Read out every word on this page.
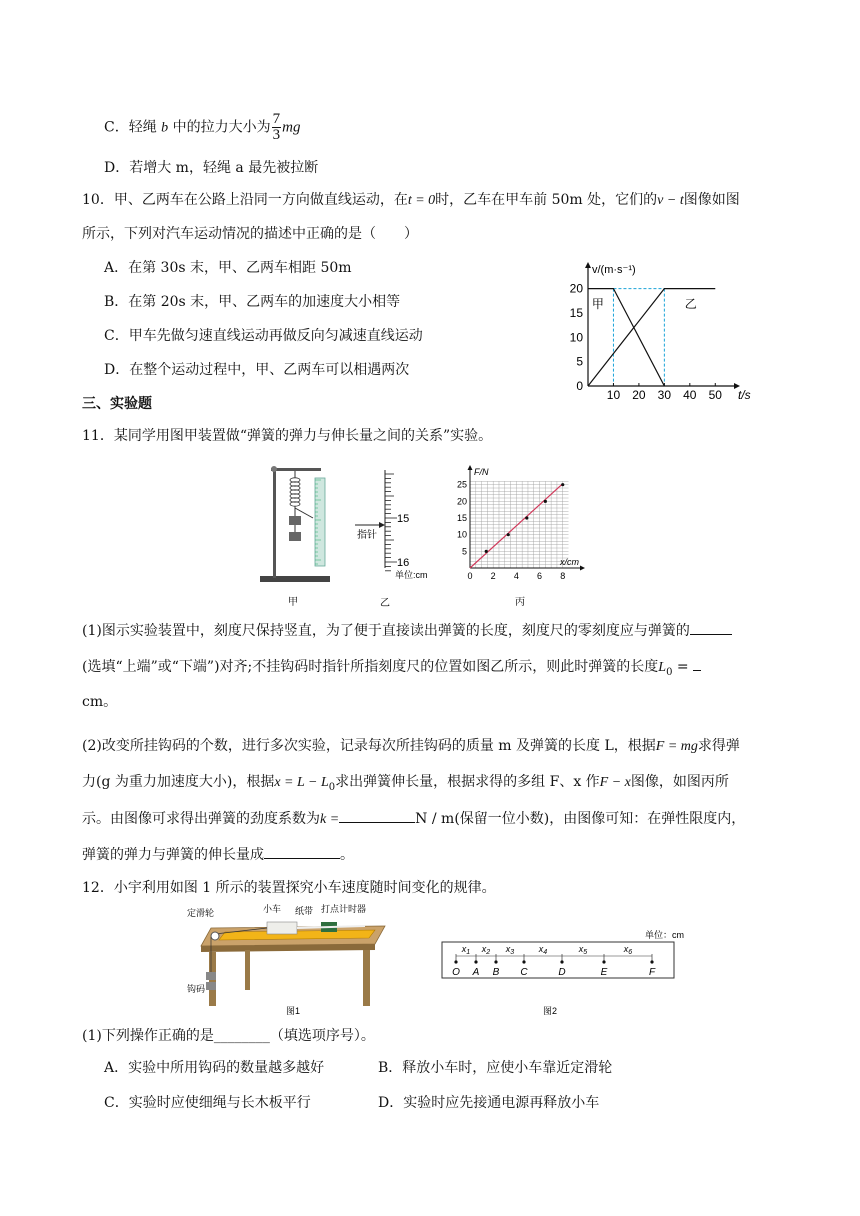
C．轻绳 b 中的拉力大小为 $\frac{7}{3}$ mg
D．若增大 m，轻绳 a 最先被拉断
10．甲、乙两车在公路上沿同一方向做直线运动，在t = 0时，乙车在甲车前 50m 处，它们的v − t图像如图
所示，下列对汽车运动情况的描述中正确的是（　　）
A．在第 30s 末，甲、乙两车相距 50m
B．在第 20s 末，甲、乙两车的加速度大小相等
C．甲车先做匀速直线运动再做反向匀减速直线运动
D．在整个运动过程中，甲、乙两车可以相遇两次
10 20 30 40 50
0
5
10
15
20
t/s
v/(m·s⁻¹)
甲	乙
三、实验题
11．某同学用图甲装置做“弹簧的弹力与伸长量之间的关系”实验。
甲
15
16
指针
单位:cm
乙
0 2 4 6 8
5
10
15
20
25
F/N
x/cm
丙
(1)图示实验装置中，刻度尺保持竖直，为了便于直接读出弹簧的长度，刻度尺的零刻度应与弹簧的
(选填“上端”或“下端”)对齐;不挂钩码时指针所指刻度尺的位置如图乙所示，则此时弹簧的长度$L_0$ =
cm。
(2)改变所挂钩码的个数，进行多次实验，记录每次所挂钩码的质量 m 及弹簧的长度 L，根据F = mg求得弹
力(g 为重力加速度大小)，根据$x = L - L_0$求出弹簧伸长量，根据求得的多组 F、x 作F − x图像，如图丙所
示。由图像可求得出弹簧的劲度系数为k =	N / m(保留一位小数)，由图像可知：在弹性限度内，
弹簧的弹力与弹簧的伸长量成	。
12．小宇利用如图 1 所示的装置探究小车速度随时间变化的规律。
定滑轮	小车 纸带 打点计时器
钩码
图1
单位：cm
O A B C	D	E	F
$x_1$ $x_2$ $x_3$	$x_4$	$x_5$	$x_6$
图2
(1)下列操作正确的是________（填选项序号）。
A．实验中所用钩码的数量越多越好	B．释放小车时，应使小车靠近定滑轮
C．实验时应使细绳与长木板平行	D．实验时应先接通电源再释放小车
